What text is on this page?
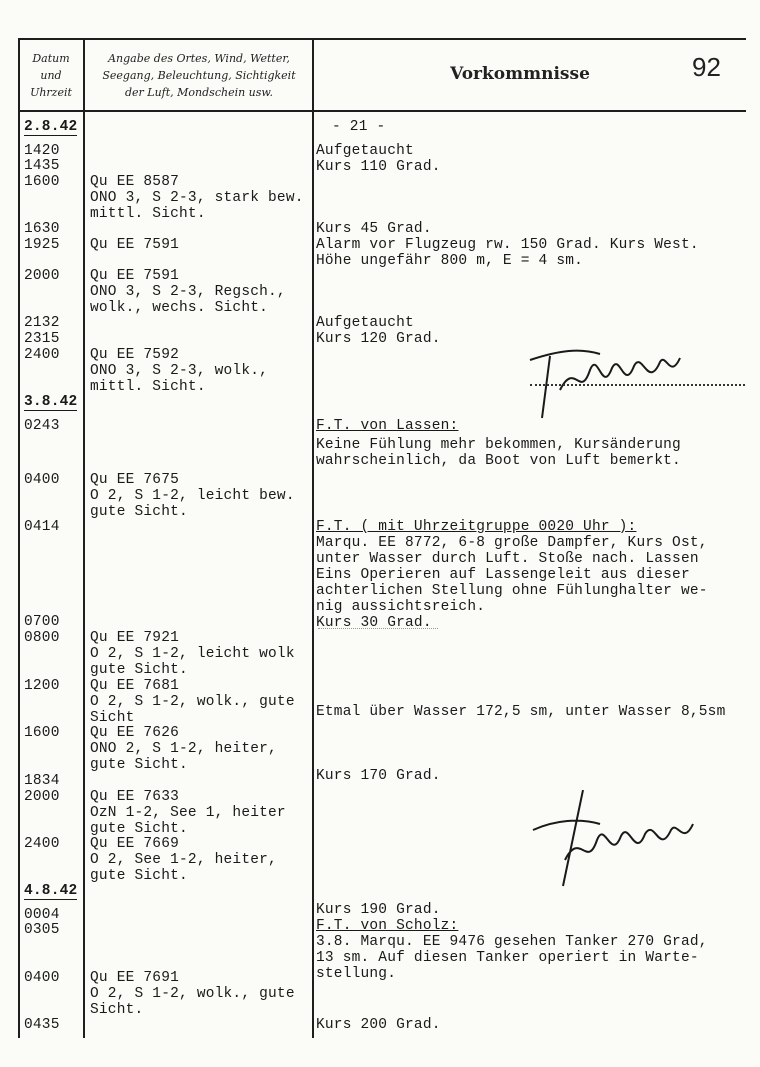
Datum
und
Uhrzeit
Angabe des Ortes, Wind, Wetter,
Seegang, Beleuchtung, Sichtigkeit
der Luft, Mondschein usw.
Vorkommnisse	92
2.8.42
1420
1435
1600
1630
1925
2000
2132
2315
2400
3.8.42
0243
0400
0414
0700
0800
1200
1600
1834
2000
2400
4.8.42
0004
0305
0400
0435
Qu EE 8587
ONO 3, S 2-3, stark bew.
mittl. Sicht.
Qu EE 7591
Qu EE 7591
ONO 3, S 2-3, Regsch.,
wolk., wechs. Sicht.
Qu EE 7592
ONO 3, S 2-3, wolk.,
mittl. Sicht.
Qu EE 7675
O 2, S 1-2, leicht bew.
gute Sicht.
Qu EE 7921
O 2, S 1-2, leicht wolk
gute Sicht.
Qu EE 7681
O 2, S 1-2, wolk., gute
Sicht
Qu EE 7626
ONO 2, S 1-2, heiter,
gute Sicht.
Qu EE 7633
OzN 1-2, See 1, heiter
gute Sicht.
Qu EE 7669
O 2, See 1-2, heiter,
gute Sicht.
Qu EE 7691
O 2, S 1-2, wolk., gute
Sicht.
- 21 -
Aufgetaucht
Kurs 110 Grad.
Kurs 45 Grad.
Alarm vor Flugzeug rw. 150 Grad. Kurs West.
Höhe ungefähr 800 m, E = 4 sm.
Aufgetaucht
Kurs 120 Grad.
F.T. von Lassen:
Keine Fühlung mehr bekommen, Kursänderung
wahrscheinlich, da Boot von Luft bemerkt.
F.T. ( mit Uhrzeitgruppe 0020 Uhr ):
Marqu. EE 8772, 6-8 große Dampfer, Kurs Ost,
unter Wasser durch Luft. Stoße nach. Lassen
Eins Operieren auf Lassengeleit aus dieser
achterlichen Stellung ohne Fühlunghalter we-
nig aussichtsreich.
Kurs 30 Grad.
Etmal über Wasser 172,5 sm, unter Wasser 8,5sm
Kurs 170 Grad.
Kurs 190 Grad.
F.T. von Scholz:
3.8. Marqu. EE 9476 gesehen Tanker 270 Grad,
13 sm. Auf diesen Tanker operiert in Warte-
stellung.
Kurs 200 Grad.
